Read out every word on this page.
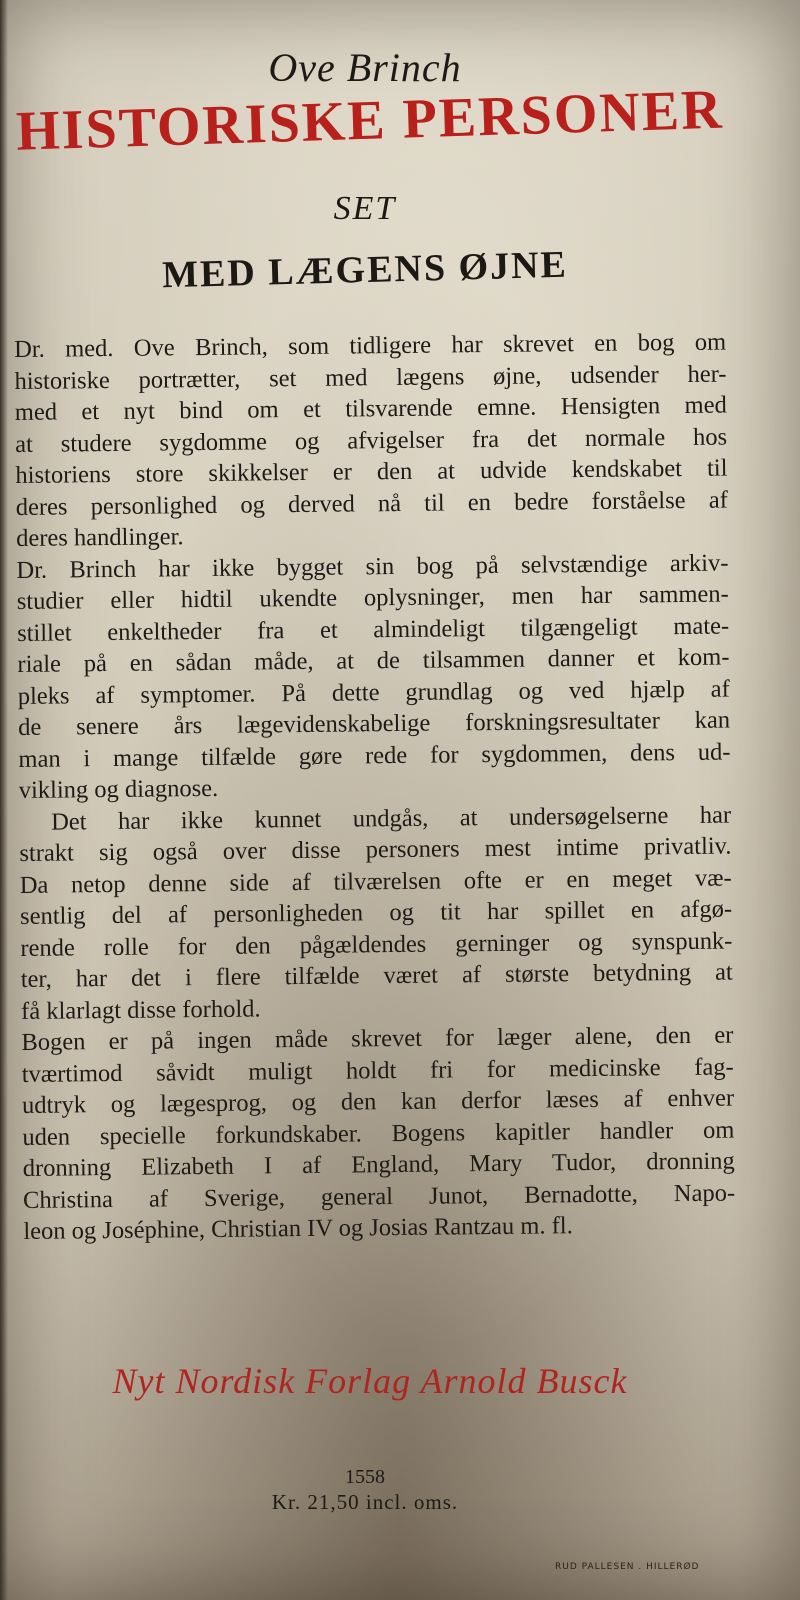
Ove Brinch
HISTORISKE PERSONER
SET
MED LÆGENS ØJNE
Dr. med. Ove Brinch, som tidligere har skrevet en bog om
historiske portrætter, set med lægens øjne, udsender her-
med et nyt bind om et tilsvarende emne. Hensigten med
at studere sygdomme og afvigelser fra det normale hos
historiens store skikkelser er den at udvide kendskabet til
deres personlighed og derved nå til en bedre forståelse af
deres handlinger.
Dr. Brinch har ikke bygget sin bog på selvstændige arkiv-
studier eller hidtil ukendte oplysninger, men har sammen-
stillet enkeltheder fra et almindeligt tilgængeligt mate-
riale på en sådan måde, at de tilsammen danner et kom-
pleks af symptomer. På dette grundlag og ved hjælp af
de senere års lægevidenskabelige forskningsresultater kan
man i mange tilfælde gøre rede for sygdommen, dens ud-
vikling og diagnose.
Det har ikke kunnet undgås, at undersøgelserne har
strakt sig også over disse personers mest intime privatliv.
Da netop denne side af tilværelsen ofte er en meget væ-
sentlig del af personligheden og tit har spillet en afgø-
rende rolle for den pågældendes gerninger og synspunk-
ter, har det i flere tilfælde været af største betydning at
få klarlagt disse forhold.
Bogen er på ingen måde skrevet for læger alene, den er
tværtimod såvidt muligt holdt fri for medicinske fag-
udtryk og lægesprog, og den kan derfor læses af enhver
uden specielle forkundskaber. Bogens kapitler handler om
dronning Elizabeth I af England, Mary Tudor, dronning
Christina af Sverige, general Junot, Bernadotte, Napo-
leon og Joséphine, Christian IV og Josias Rantzau m. fl.
Nyt Nordisk Forlag Arnold Busck
1558
Kr. 21,50 incl. oms.
RUD PALLESEN . HILLERØD
